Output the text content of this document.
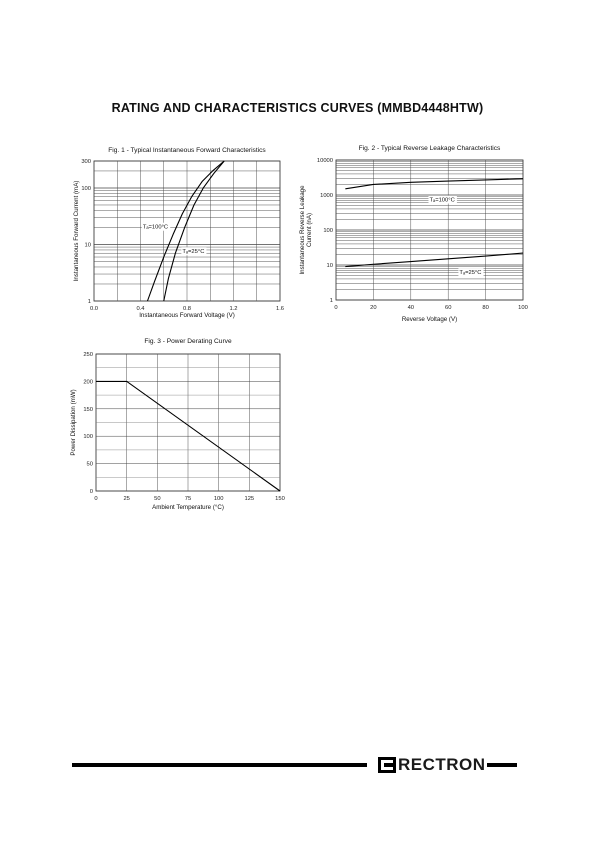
RATING AND CHARACTERISTICS CURVES (MMBD4448HTW)
0.0	0.4	0.8	1.2	1.6
1
10
100
300
Fig. 1 - Typical Instantaneous Forward Characteristics
Instantaneous Forward Voltage (V)
Instantaneous Forward Current (mA)	Tₐ=100°C
Tₐ=25°C
0	20	40	60	80	100
1
10
100
1000
10000
Fig. 2 - Typical Reverse Leakage Characteristics
Reverse Voltage (V)
Instantaneous Reverse Leakage Current (nA)
Tₐ=100°C
Tₐ=25°C
0	25	50	75	100	125	150
0
50
100
150
200
250
Fig. 3 - Power Derating Curve
Ambient Temperature (°C)
Power Dissipation (mW)
RECTRON
